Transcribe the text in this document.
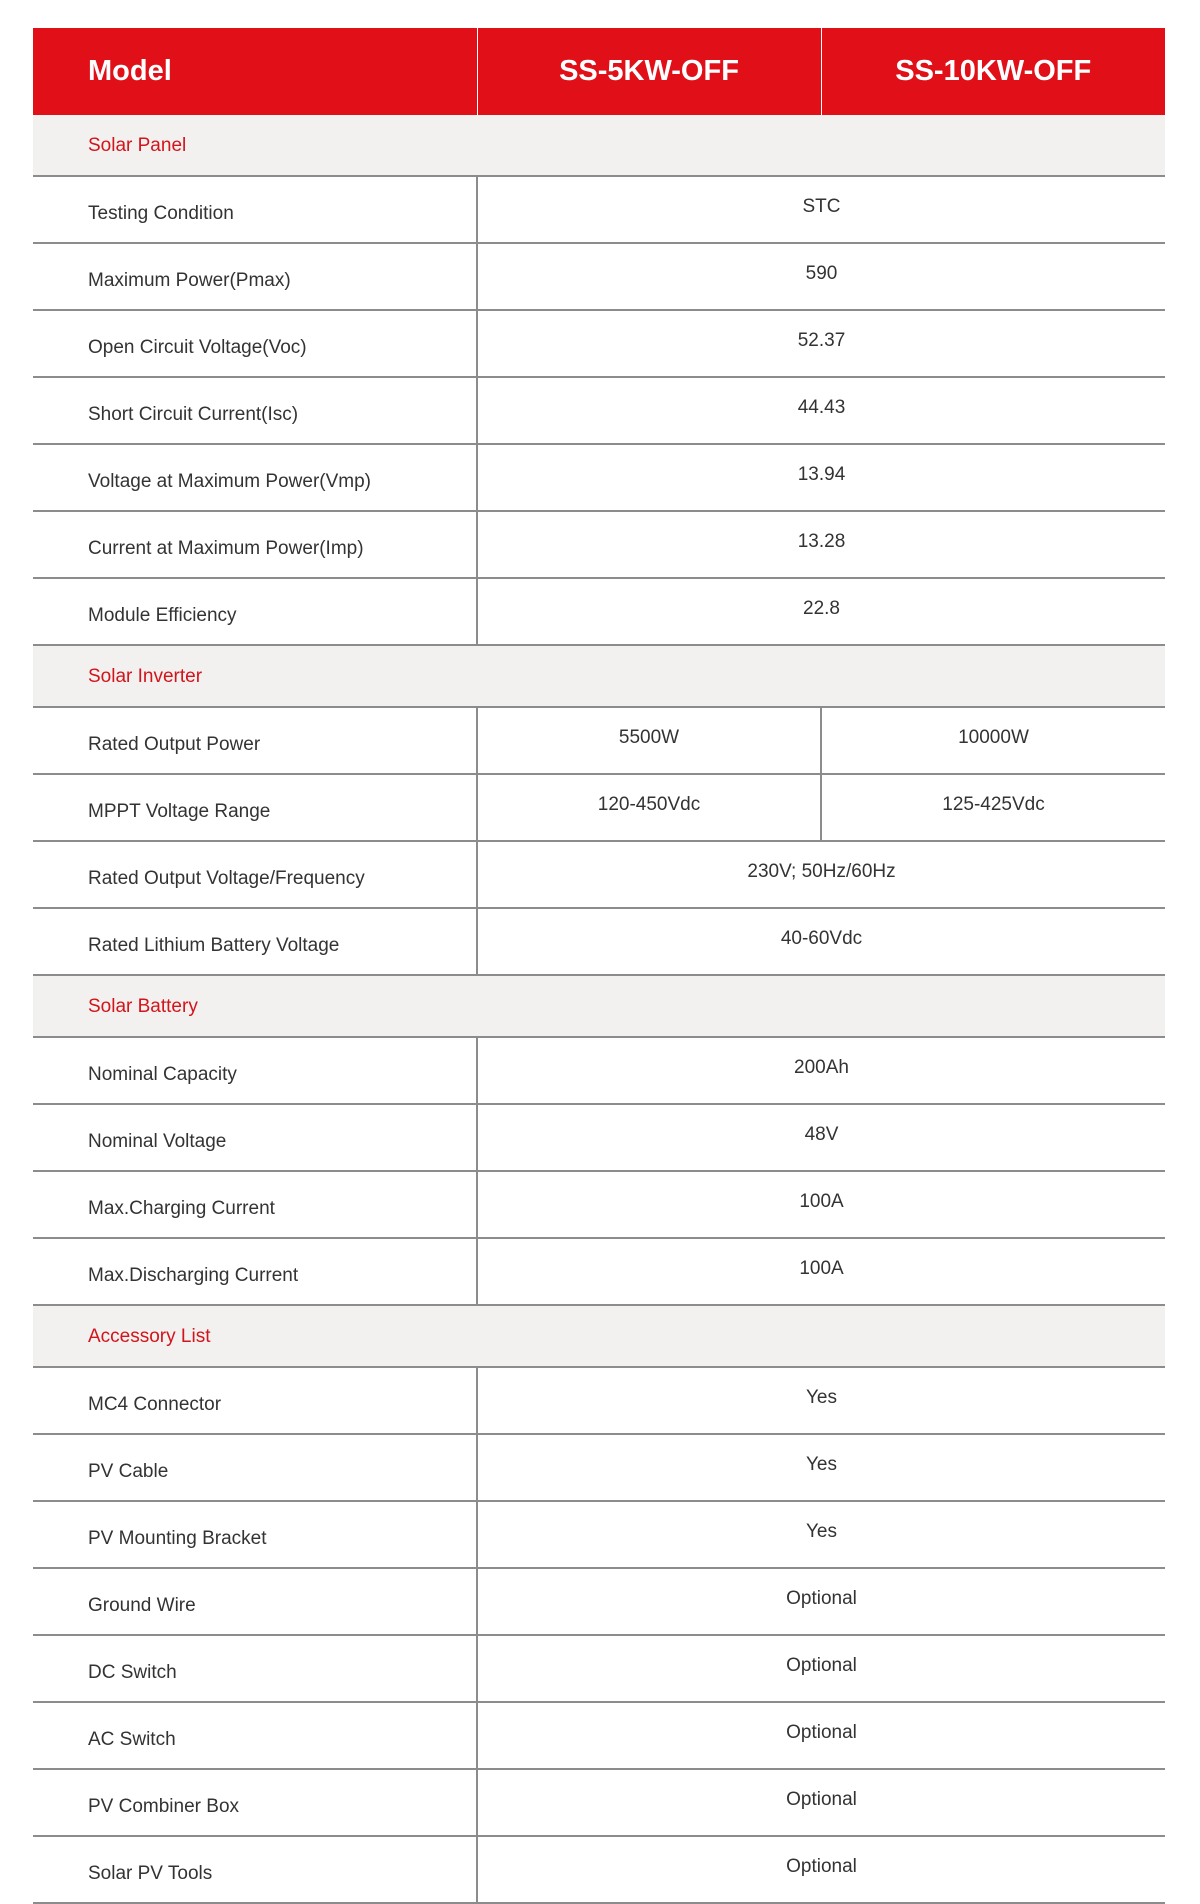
Model	SS-5KW-OFF	SS-10KW-OFF
Solar Panel		
Testing Condition	STC	
Maximum Power(Pmax)	590	
Open Circuit Voltage(Voc)	52.37	
Short Circuit Current(Isc)	44.43	
Voltage at Maximum Power(Vmp)	13.94	
Current at Maximum Power(Imp)	13.28	
Module Efficiency	22.8	
Solar Inverter		
Rated Output Power	5500W	10000W
MPPT Voltage Range	120-450Vdc	125-425Vdc
Rated Output Voltage/Frequency	230V; 50Hz/60Hz	
Rated Lithium Battery Voltage	40-60Vdc	
Solar Battery		
Nominal Capacity	200Ah	
Nominal Voltage	48V	
Max.Charging Current	100A	
Max.Discharging Current	100A	
Accessory List		
MC4 Connector	Yes	
PV Cable	Yes	
PV Mounting Bracket	Yes	
Ground Wire	Optional	
DC Switch	Optional	
AC Switch	Optional	
PV Combiner Box	Optional	
Solar PV Tools	Optional	
